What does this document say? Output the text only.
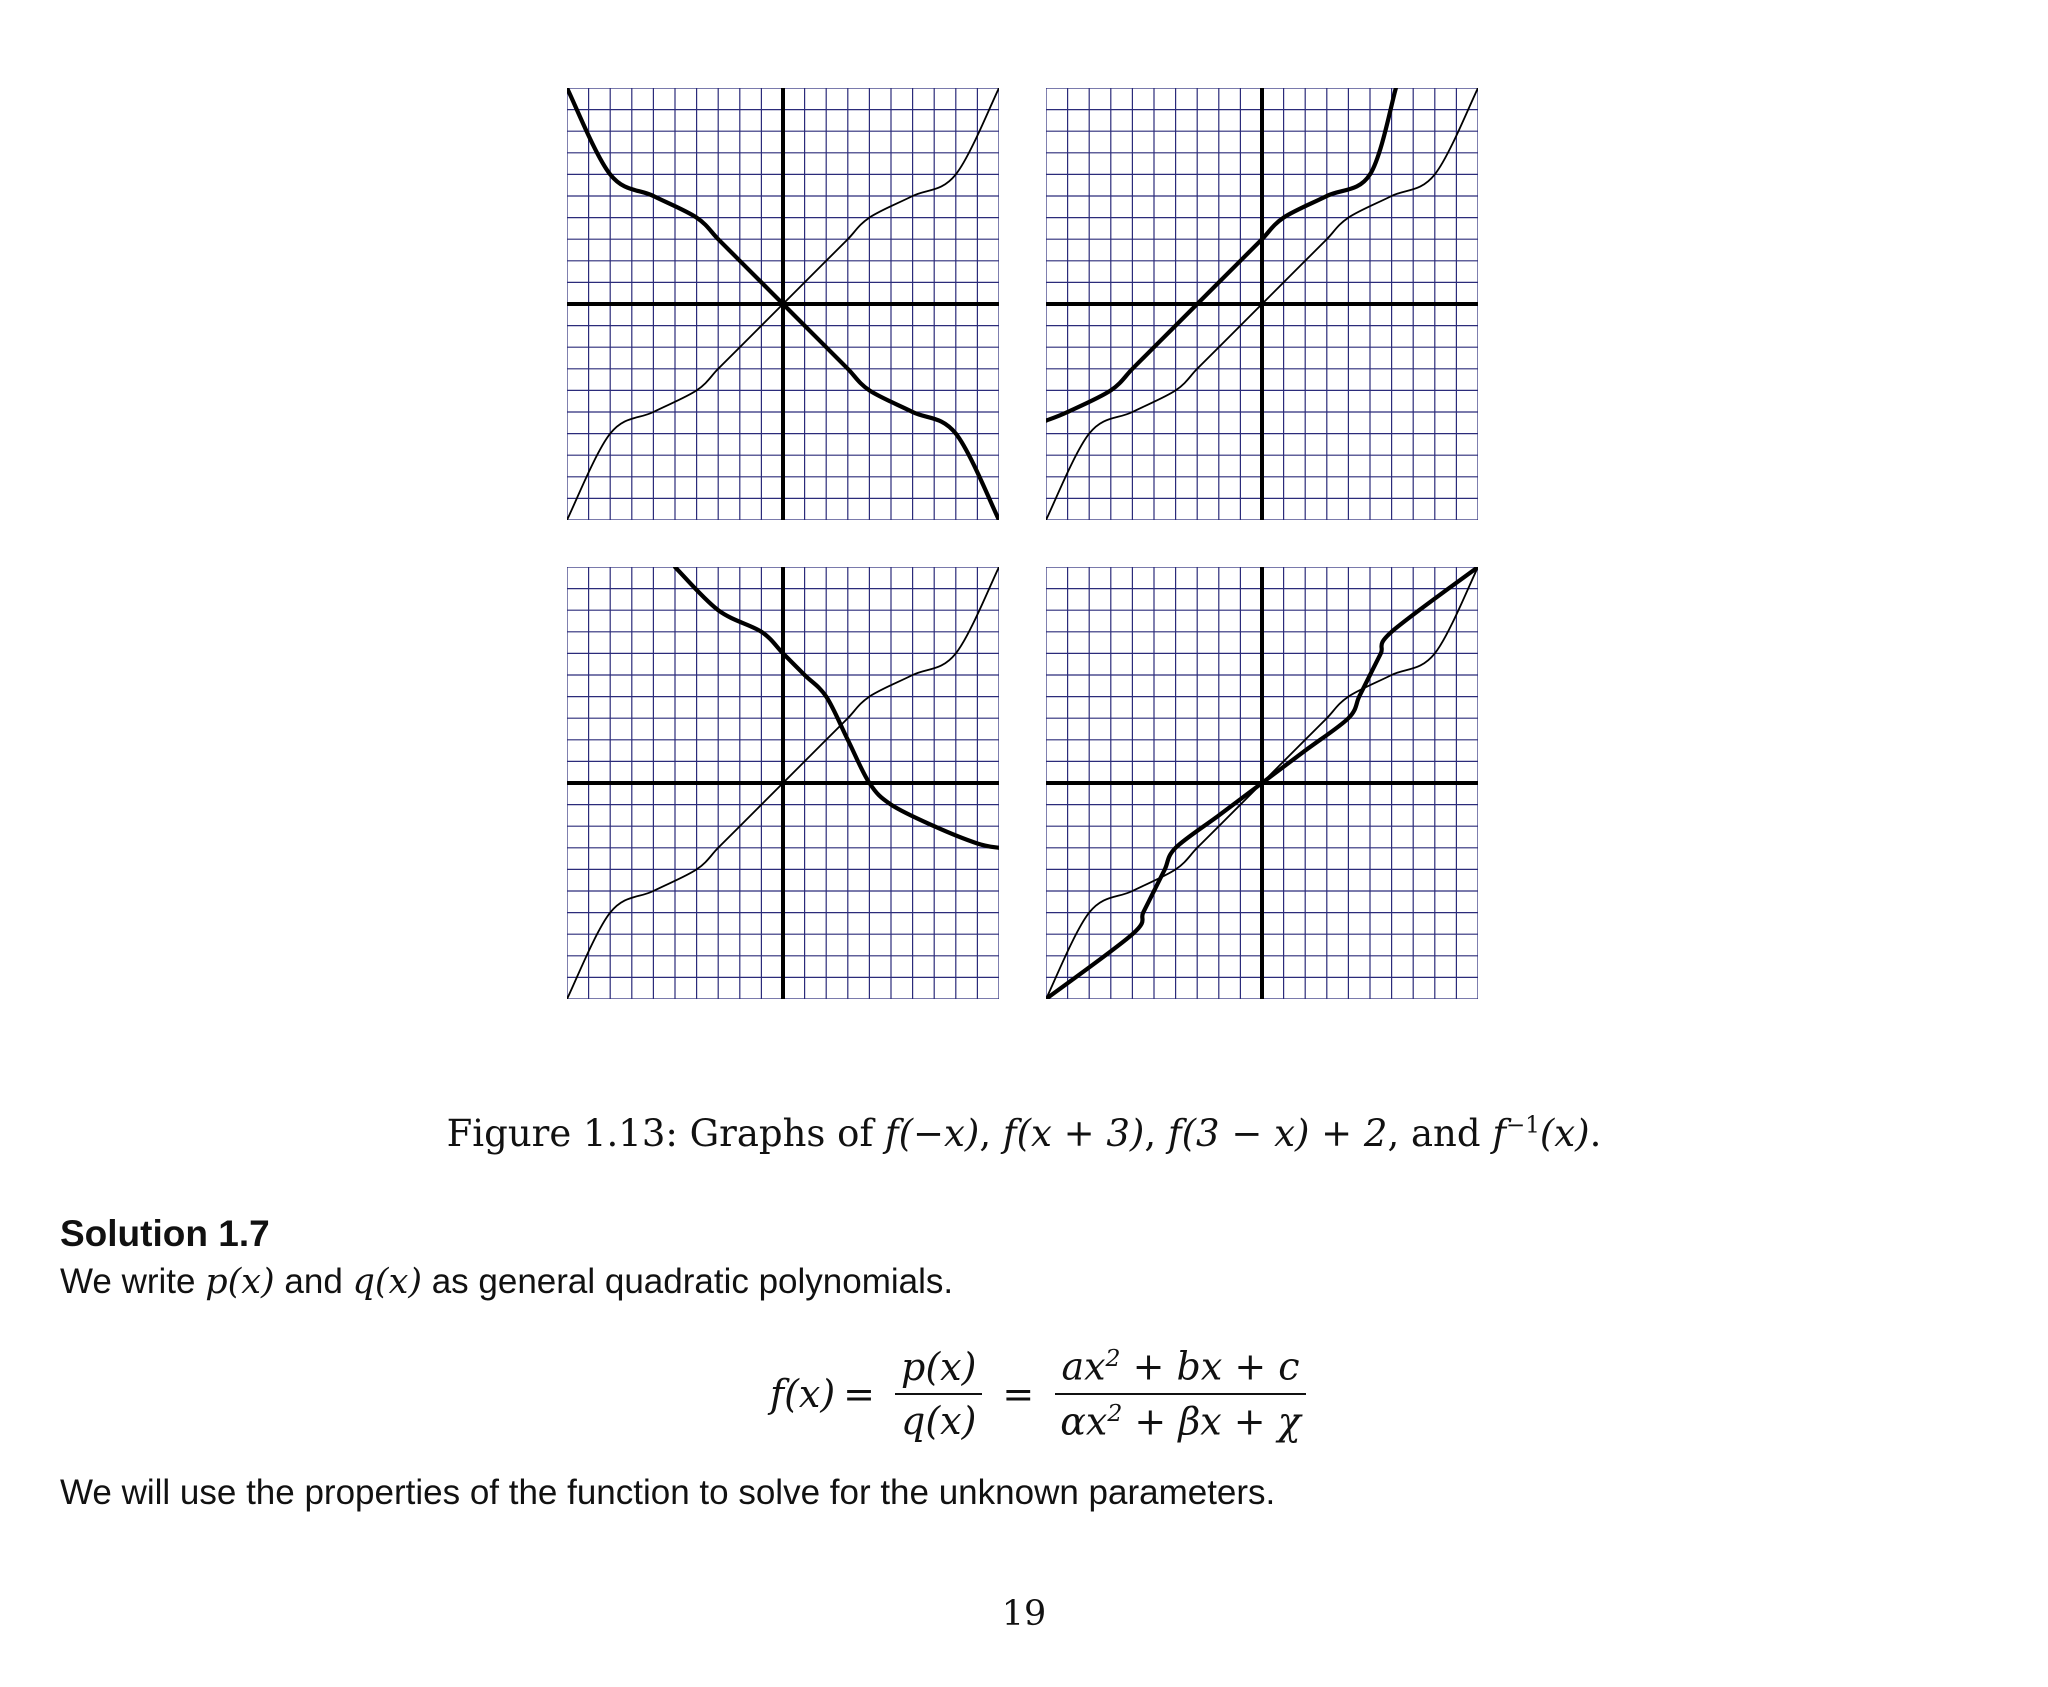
Figure 1.13: Graphs of f(−x), f(x + 3), f(3 − x) + 2, and $f^{-1}(x)$.
Solution 1.7
We write p(x) and q(x) as general quadratic polynomials.
$f(x) = \frac{p(x)}{q(x)} = \frac{ax^2 + bx + c}{\alpha x^2 + \beta x + \chi}$
We will use the properties of the function to solve for the unknown parameters.
19
